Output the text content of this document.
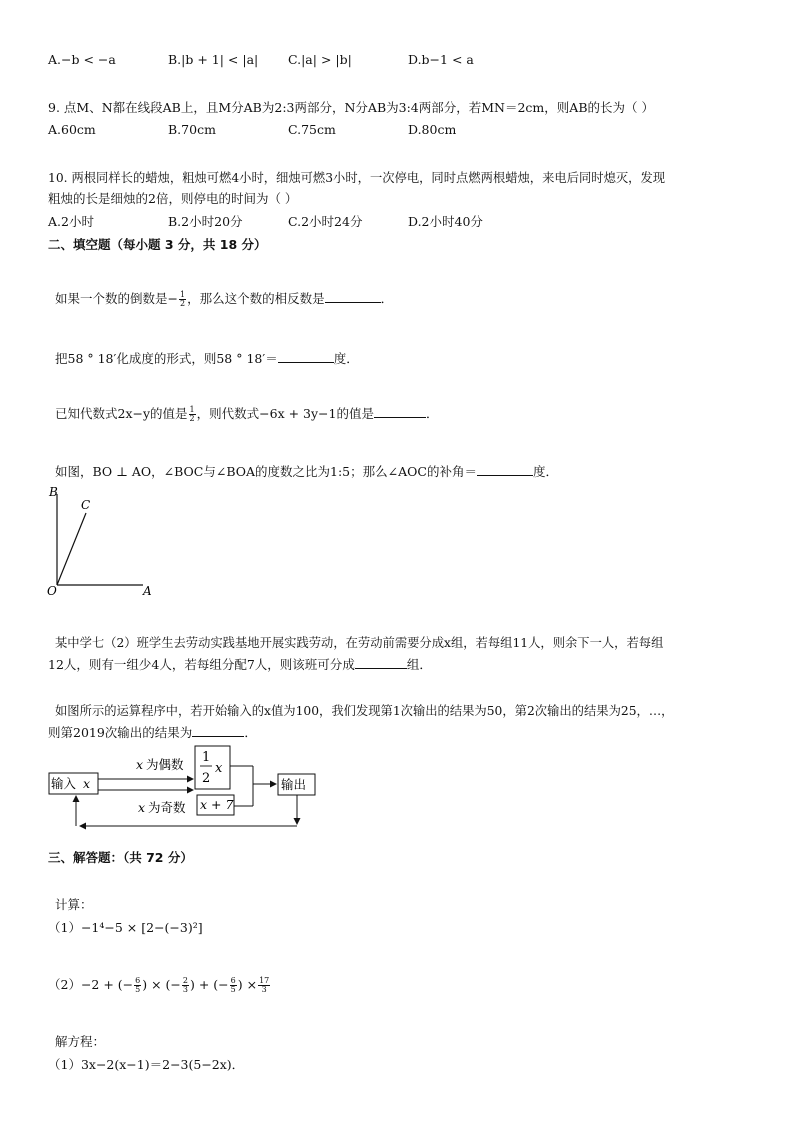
A.−b < −a	B.|b + 1| < |a| C.|a| > |b|	D.b−1 < a
9. 点M、N都在线段AB上，且M分AB为2:3两部分，N分AB为3:4两部分，若MN＝2cm，则AB的长为（ ）
A.60cm	B.70cm	C.75cm	D.80cm
10. 两根同样长的蜡烛，粗烛可燃4小时，细烛可燃3小时，一次停电，同时点燃两根蜡烛，来电后同时熄灭，发现
粗烛的长是细烛的2倍，则停电的时间为（ ）
A.2小时	B.2小时20分	C.2小时24分	D.2小时40分
二、填空题（每小题 3 分，共 18 分）
如果一个数的倒数是− $\frac{1}{2}$ ，那么这个数的相反数是	．
把58 ° 18′化成度的形式，则58 ° 18′＝	度．
已知代数式2x−y的值是 $\frac{1}{2}$ ，则代数式−6x + 3y−1的值是	．
如图，BO ⊥ AO，∠BOC与∠BOA的度数之比为1:5；那么∠AOC的补角＝	度．
B
C
O	A
某中学七（2）班学生去劳动实践基地开展实践劳动，在劳动前需要分成x组，若每组11人，则余下一人，若每组
12人，则有一组少4人，若每组分配7人，则该班可分成	组．
如图所示的运算程序中，若开始输入的x值为100，我们发现第1次输出的结果为50，第2次输出的结果为25，…，
则第2019次输出的结果为	．
输入 x
x 为偶数 1
2
x
x 为奇数 x + 7
输出
三、解答题：（共 72 分）
计算：
（1）−1⁴−5 × [2−(−3)²]
（2）−2 + (− $\frac{6}{5}$ ) × (− $\frac{2}{3}$ ) + (− $\frac{6}{5}$ ) × $\frac{17}{3}$
解方程：
（1）3x−2(x−1)＝2−3(5−2x)．
